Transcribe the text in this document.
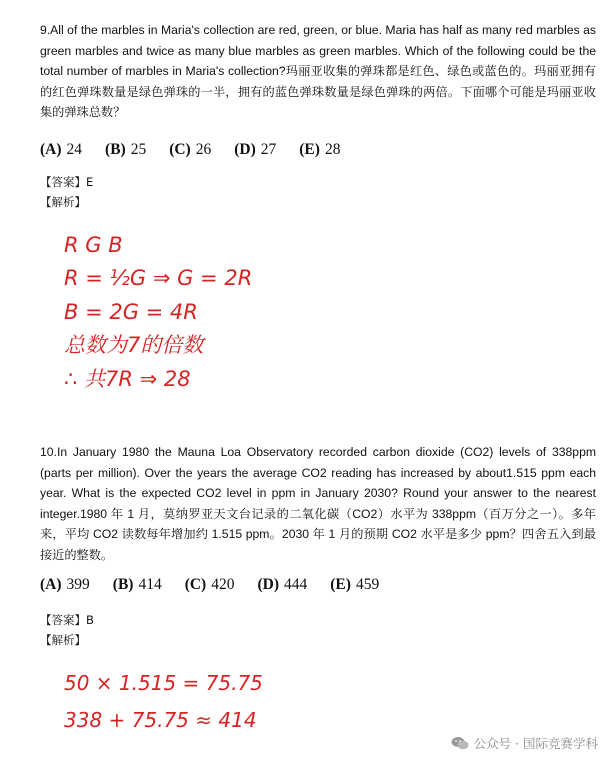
9.All of the marbles in Maria's collection are red, green, or blue. Maria has half as many red marbles as green marbles and twice as many blue marbles as green marbles. Which of the following could be the total number of marbles in Maria's collection?玛丽亚收集的弹珠都是红色、绿色或蓝色的。玛丽亚拥有的红色弹珠数量是绿色弹珠的一半，拥有的蓝色弹珠数量是绿色弹珠的两倍。下面哪个可能是玛丽亚收集的弹珠总数？

(A) 24 (B) 25 (C) 26 (D) 27 (E) 28
【答案】E
【解析】
R G B
R = ½G ⇒ G = 2R
B = 2G = 4R
总数为7的倍数
∴ 共7R ⇒ 28

10.In January 1980 the Mauna Loa Observatory recorded carbon dioxide (CO2) levels of 338ppm (parts per million). Over the years the average CO2 reading has increased by about1.515 ppm each year. What is the expected CO2 level in ppm in January 2030? Round your answer to the nearest integer.1980 年 1 月，莫纳罗亚天文台记录的二氧化碳（CO2）水平为 338ppm（百万分之一）。多年来，平均 CO2 读数每年增加约 1.515 ppm。2030 年 1 月的预期 CO2 水平是多少 ppm？四舍五入到最接近的整数。

(A) 399 (B) 414 (C) 420 (D) 444 (E) 459
【答案】B
【解析】
50 × 1.515 = 75.75
338 + 75.75 ≈ 414
公众号 · 国际竞赛学科
